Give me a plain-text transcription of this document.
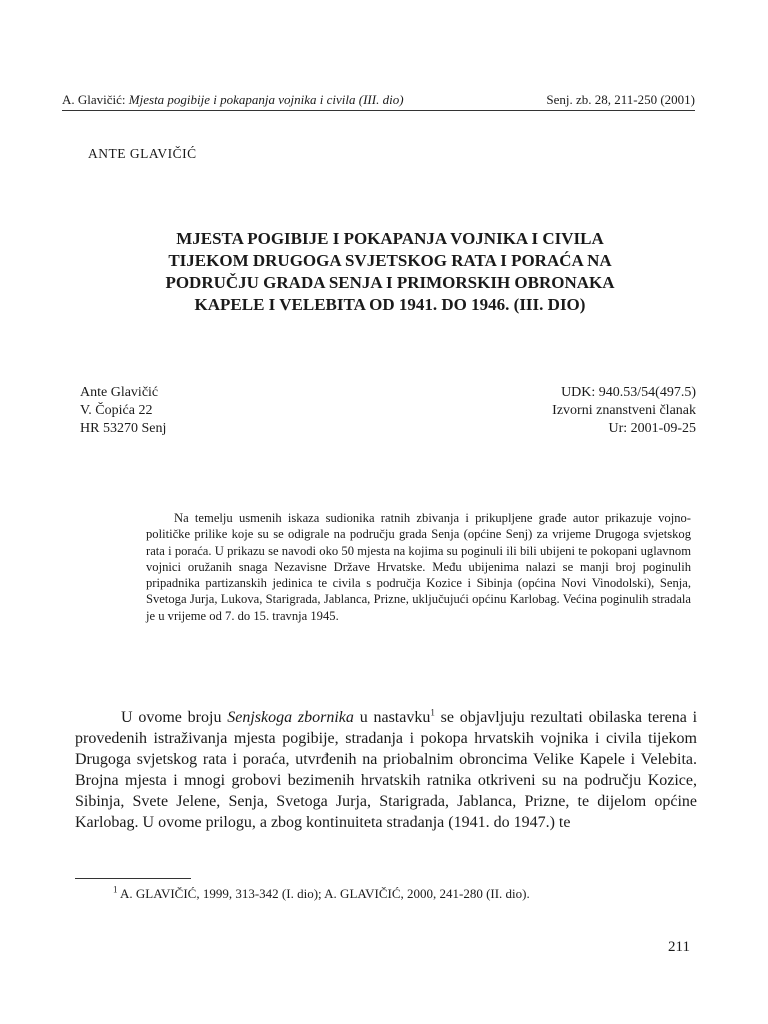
A. Glavičić: Mjesta pogibije i pokapanja vojnika i civila (III. dio)	Senj. zb. 28, 211-250 (2001)
ANTE GLAVIČIĆ
MJESTA POGIBIJE I POKAPANJA VOJNIKA I CIVILA
TIJEKOM DRUGOGA SVJETSKOG RATA I PORAĆA NA
PODRUČJU GRADA SENJA I PRIMORSKIH OBRONAKA
KAPELE I VELEBITA OD 1941. DO 1946. (III. DIO)
Ante Glavičić
V. Čopića 22
HR 53270 Senj
UDK: 940.53/54(497.5)
Izvorni znanstveni članak
Ur: 2001-09-25
Na temelju usmenih iskaza sudionika ratnih zbivanja i prikupljene građe autor prikazuje vojno-političke prilike koje su se odigrale na području grada Senja (općine Senj) za vrijeme Drugoga svjetskog rata i poraća. U prikazu se navodi oko 50 mjesta na kojima su poginuli ili bili ubijeni te pokopani uglavnom vojnici oružanih snaga Nezavisne Države Hrvatske. Među ubijenima nalazi se manji broj poginulih pripadnika partizanskih jedinica te civila s područja Kozice i Sibinja (općina Novi Vinodolski), Senja, Svetoga Jurja, Lukova, Starigrada, Jablanca, Prizne, uključujući općinu Karlobag. Većina poginulih stradala je u vrijeme od 7. do 15. travnja 1945.
U ovome broju Senjskoga zbornika u nastavku$^1$ se objavljuju rezultati obilaska terena i provedenih istraživanja mjesta pogibije, stradanja i pokopa hrvatskih vojnika i civila tijekom Drugoga svjetskog rata i poraća, utvrđenih na priobalnim obroncima Velike Kapele i Velebita. Brojna mjesta i mnogi grobovi bezimenih hrvatskih ratnika otkriveni su na području Kozice, Sibinja, Svete Jelene, Senja, Svetoga Jurja, Starigrada, Jablanca, Prizne, te dijelom općine Karlobag. U ovome prilogu, a zbog kontinuiteta stradanja (1941. do 1947.) te
$^1$ A. GLAVIČIĆ, 1999, 313-342 (I. dio); A. GLAVIČIĆ, 2000, 241-280 (II. dio).
211
